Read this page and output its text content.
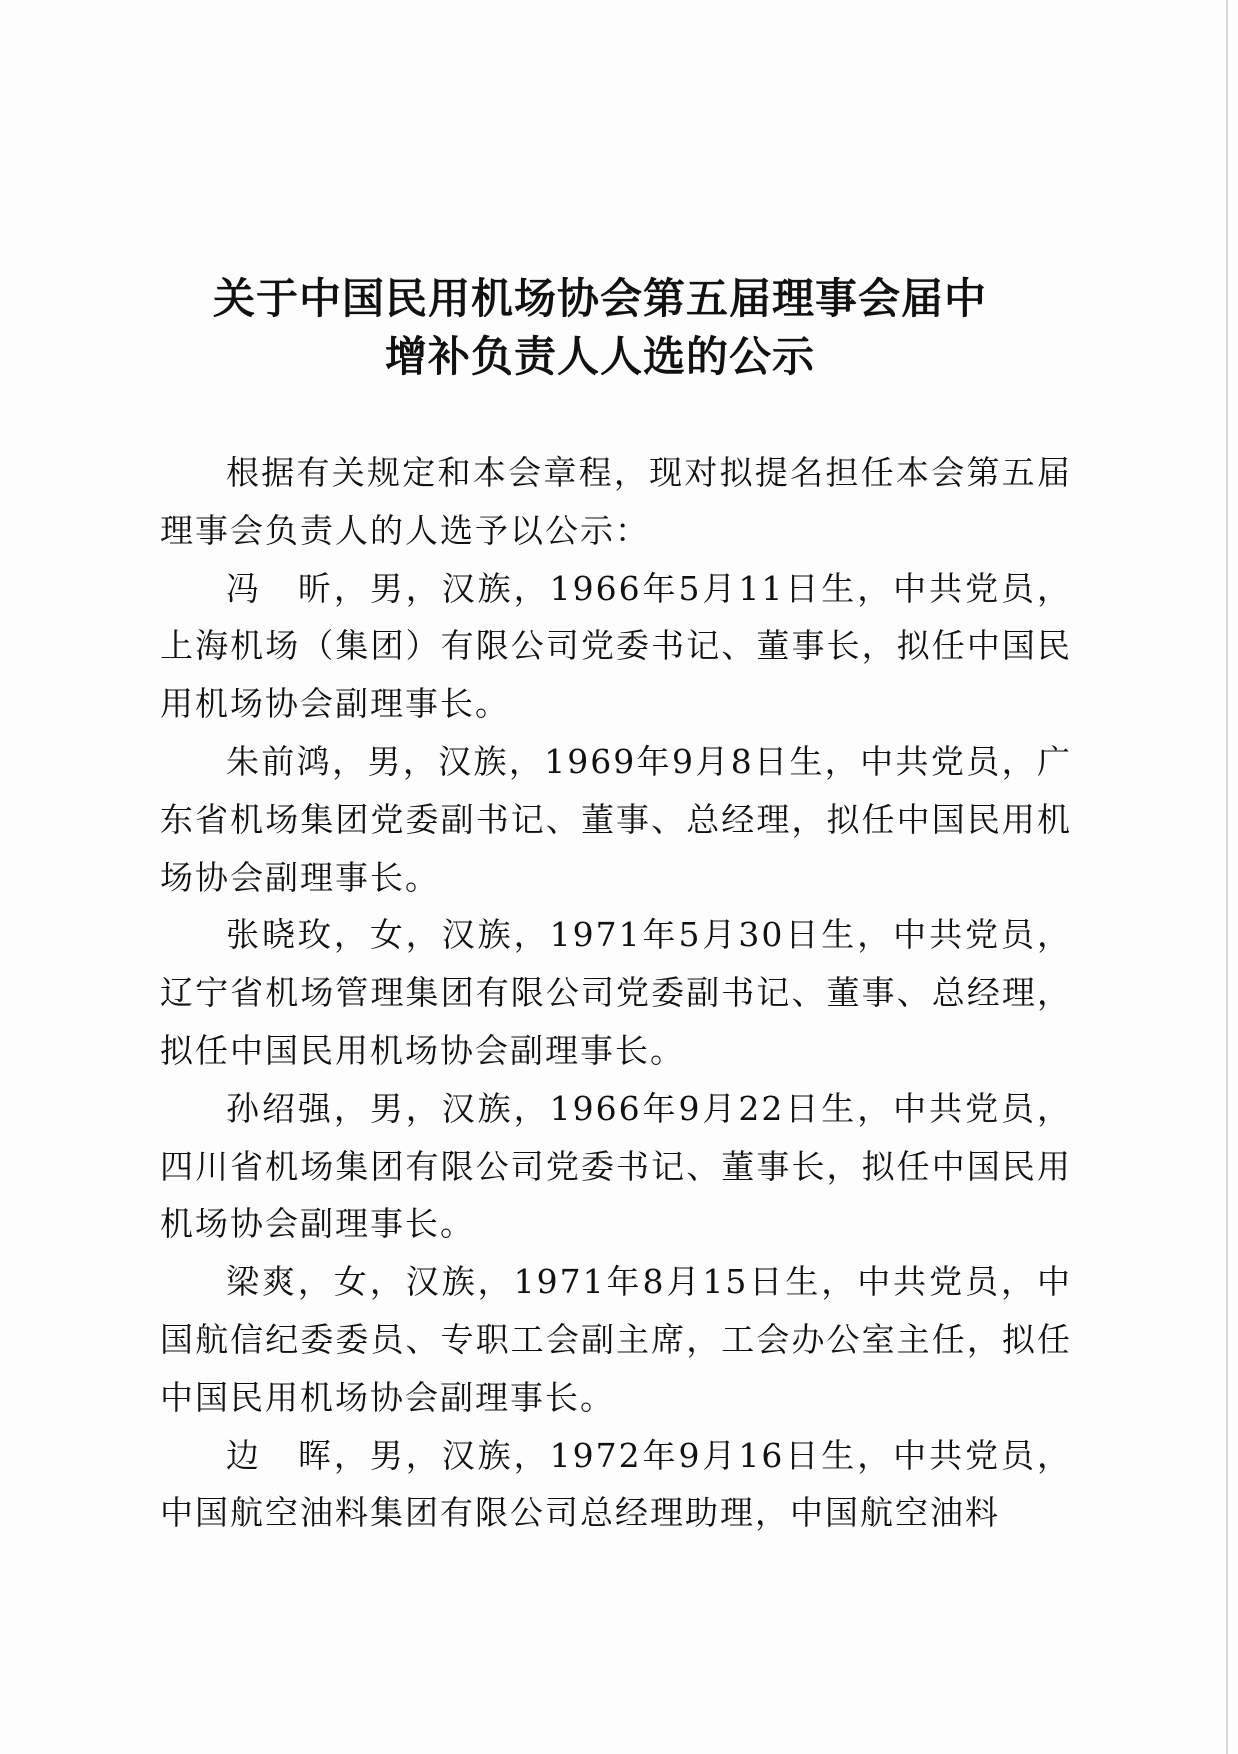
关于中国民用机场协会第五届理事会届中
增补负责人人选的公示

根据有关规定和本会章程，现对拟提名担任本会第五届理事会负责人的人选予以公示：

冯　昕，男，汉族，1966年5月11日生，中共党员，上海机场（集团）有限公司党委书记、董事长，拟任中国民用机场协会副理事长。

朱前鸿，男，汉族，1969年9月8日生，中共党员，广东省机场集团党委副书记、董事、总经理，拟任中国民用机场协会副理事长。

张晓玫，女，汉族，1971年5月30日生，中共党员，辽宁省机场管理集团有限公司党委副书记、董事、总经理，拟任中国民用机场协会副理事长。

孙绍强，男，汉族，1966年9月22日生，中共党员，四川省机场集团有限公司党委书记、董事长，拟任中国民用机场协会副理事长。

梁爽，女，汉族，1971年8月15日生，中共党员，中国航信纪委委员、专职工会副主席，工会办公室主任，拟任中国民用机场协会副理事长。

边　晖，男，汉族，1972年9月16日生，中共党员，中国航空油料集团有限公司总经理助理，中国航空油料
